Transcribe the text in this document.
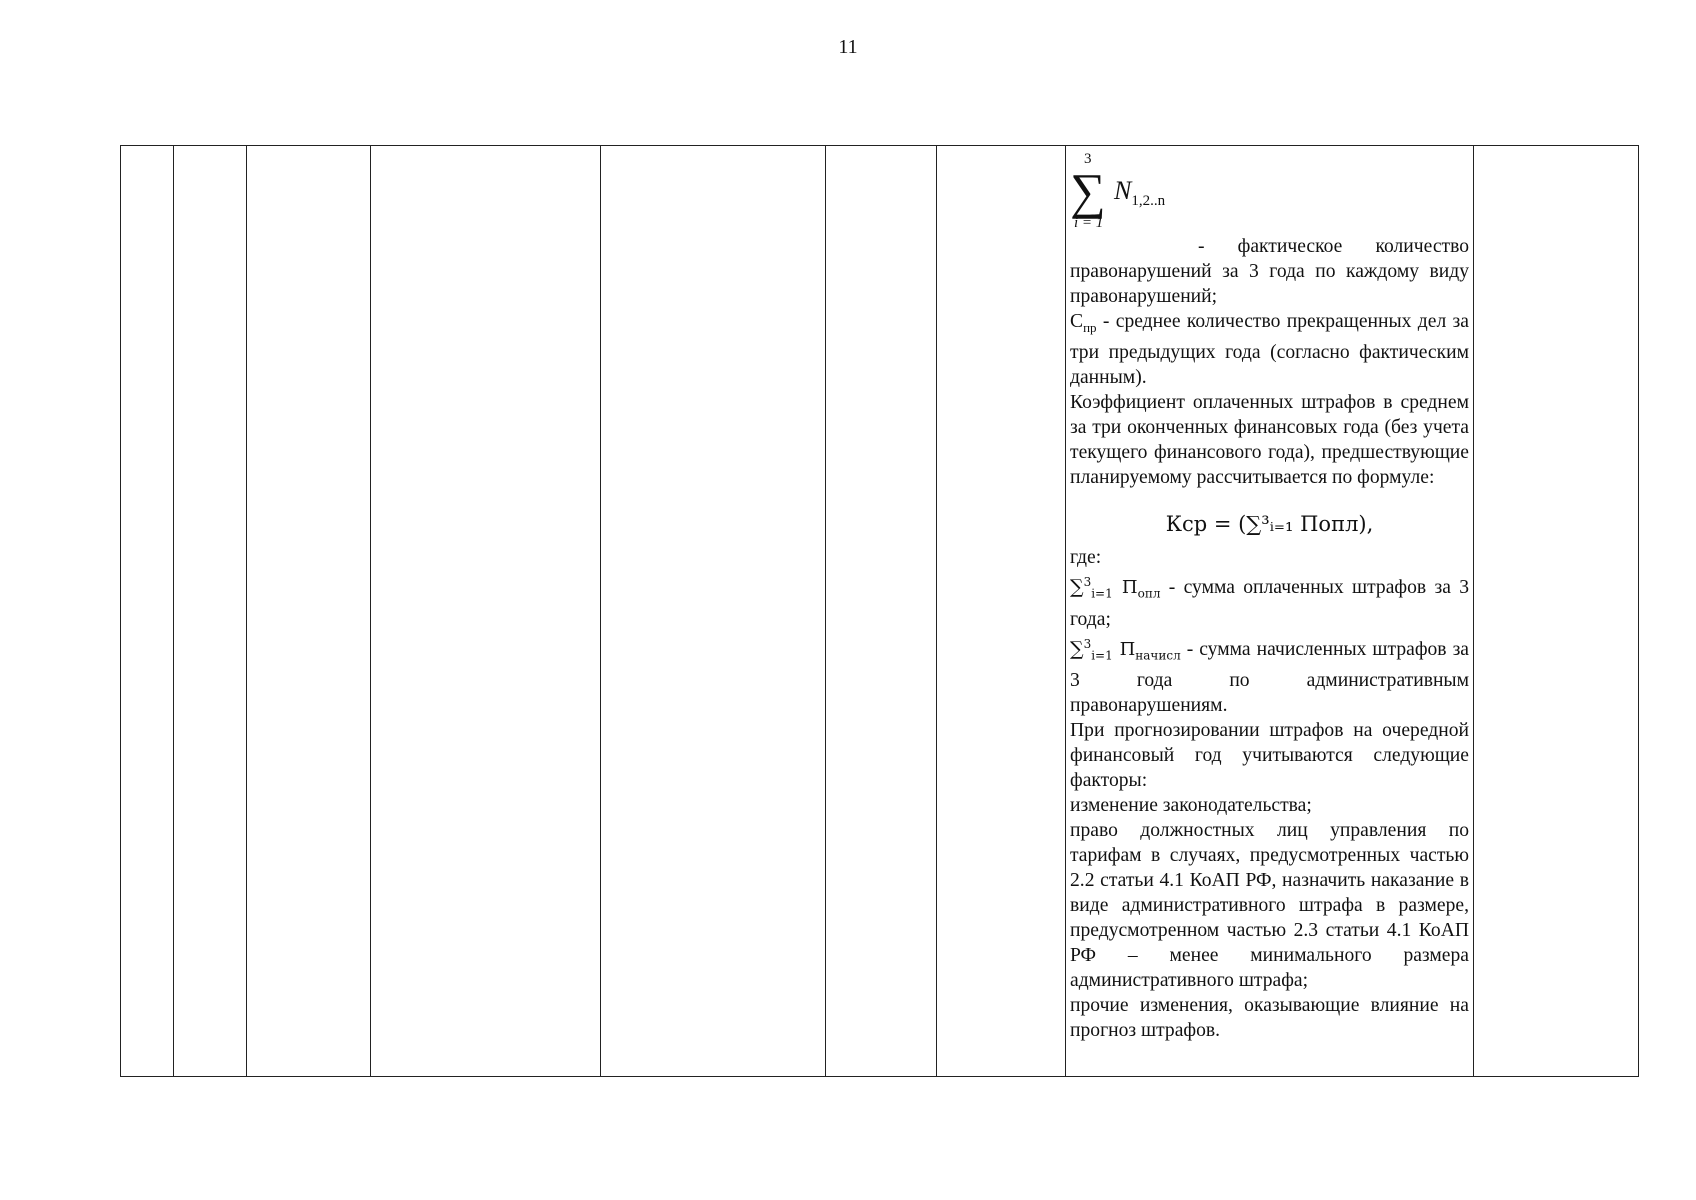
11

3
∑
i = 1
$N_{1,2..n}$

- фактическое количество правонарушений за 3 года по каждому виду правонарушений;

$С_{пр}$ - среднее количество прекращенных дел за три предыдущих года (согласно фактическим данным).

Коэффициент оплаченных штрафов в среднем за три оконченных финансовых года (без учета текущего финансового года), предшествующие планируемому рассчитывается по формуле:

Кср = (∑³ᵢ₌₁ Попл),

где:

∑$^3_{i=1}$ $П_{опл}$ - сумма оплаченных штрафов за 3 года;

∑$^3_{i=1}$ $П_{начисл}$ - сумма начисленных штрафов за 3 года по административным правонарушениям.

При прогнозировании штрафов на очередной финансовый год учитываются следующие факторы:

изменение законодательства;

право должностных лиц управления по тарифам в случаях, предусмотренных частью 2.2 статьи 4.1 КоАП РФ, назначить наказание в виде административного штрафа в размере, предусмотренном частью 2.3 статьи 4.1 КоАП РФ – менее минимального размера административного штрафа;

прочие изменения, оказывающие влияние на прогноз штрафов.
